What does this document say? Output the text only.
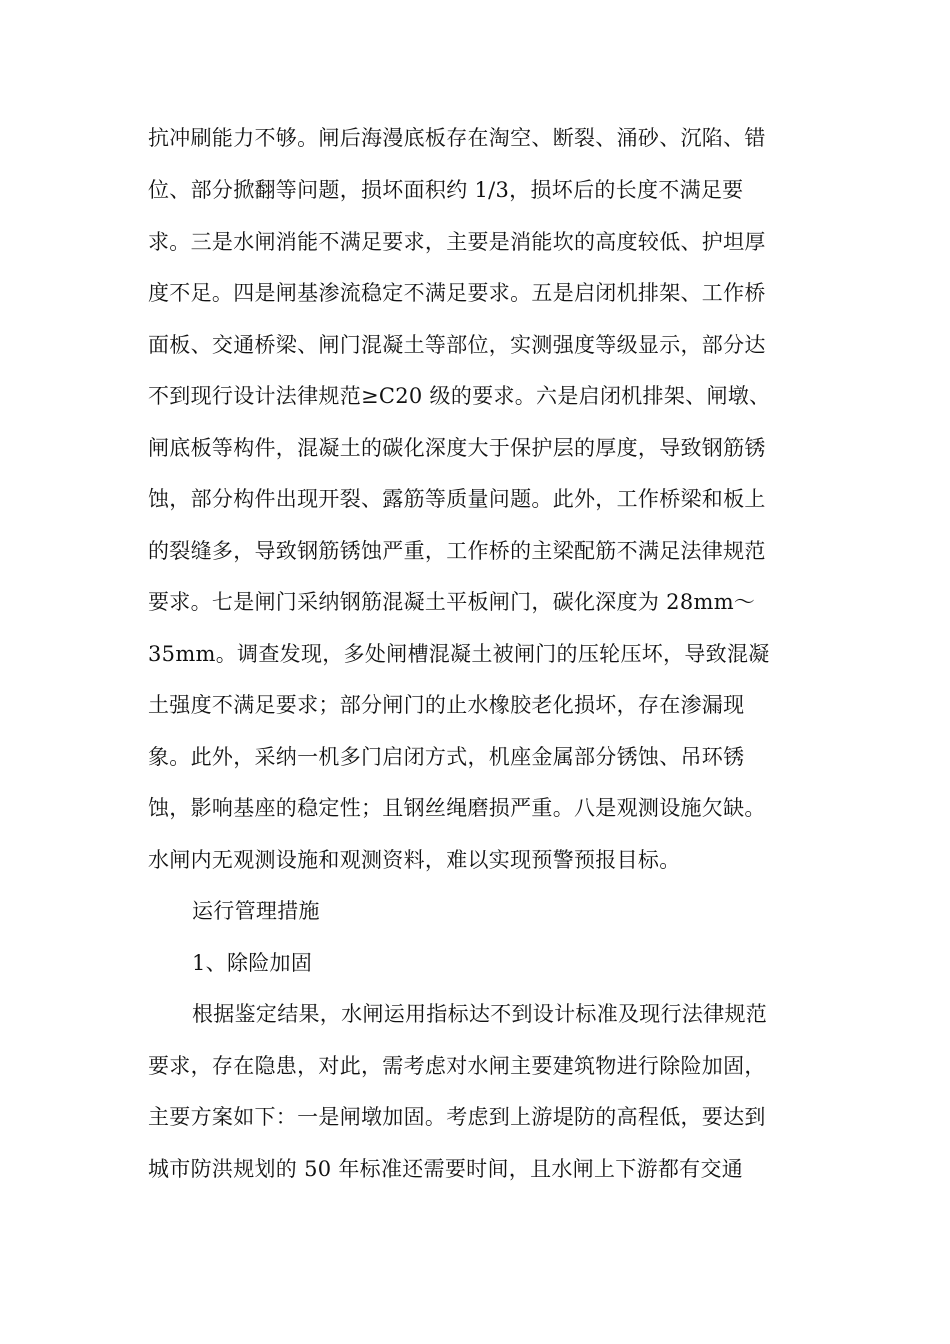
抗冲刷能力不够。闸后海漫底板存在淘空、断裂、涌砂、沉陷、错
位、部分掀翻等问题，损坏面积约 1/3，损坏后的长度不满足要
求。三是水闸消能不满足要求，主要是消能坎的高度较低、护坦厚
度不足。四是闸基渗流稳定不满足要求。五是启闭机排架、工作桥
面板、交通桥梁、闸门混凝土等部位，实测强度等级显示，部分达
不到现行设计法律规范≥C20 级的要求。六是启闭机排架、闸墩、
闸底板等构件，混凝土的碳化深度大于保护层的厚度，导致钢筋锈
蚀，部分构件出现开裂、露筋等质量问题。此外，工作桥梁和板上
的裂缝多，导致钢筋锈蚀严重，工作桥的主梁配筋不满足法律规范
要求。七是闸门采纳钢筋混凝土平板闸门，碳化深度为 28mm～
35mm。调查发现，多处闸槽混凝土被闸门的压轮压坏，导致混凝
土强度不满足要求；部分闸门的止水橡胶老化损坏，存在渗漏现
象。此外，采纳一机多门启闭方式，机座金属部分锈蚀、吊环锈
蚀，影响基座的稳定性；且钢丝绳磨损严重。八是观测设施欠缺。
水闸内无观测设施和观测资料，难以实现预警预报目标。
运行管理措施
1、除险加固
根据鉴定结果，水闸运用指标达不到设计标准及现行法律规范
要求，存在隐患，对此，需考虑对水闸主要建筑物进行除险加固，
主要方案如下：一是闸墩加固。考虑到上游堤防的高程低，要达到
城市防洪规划的 50 年标准还需要时间，且水闸上下游都有交通
